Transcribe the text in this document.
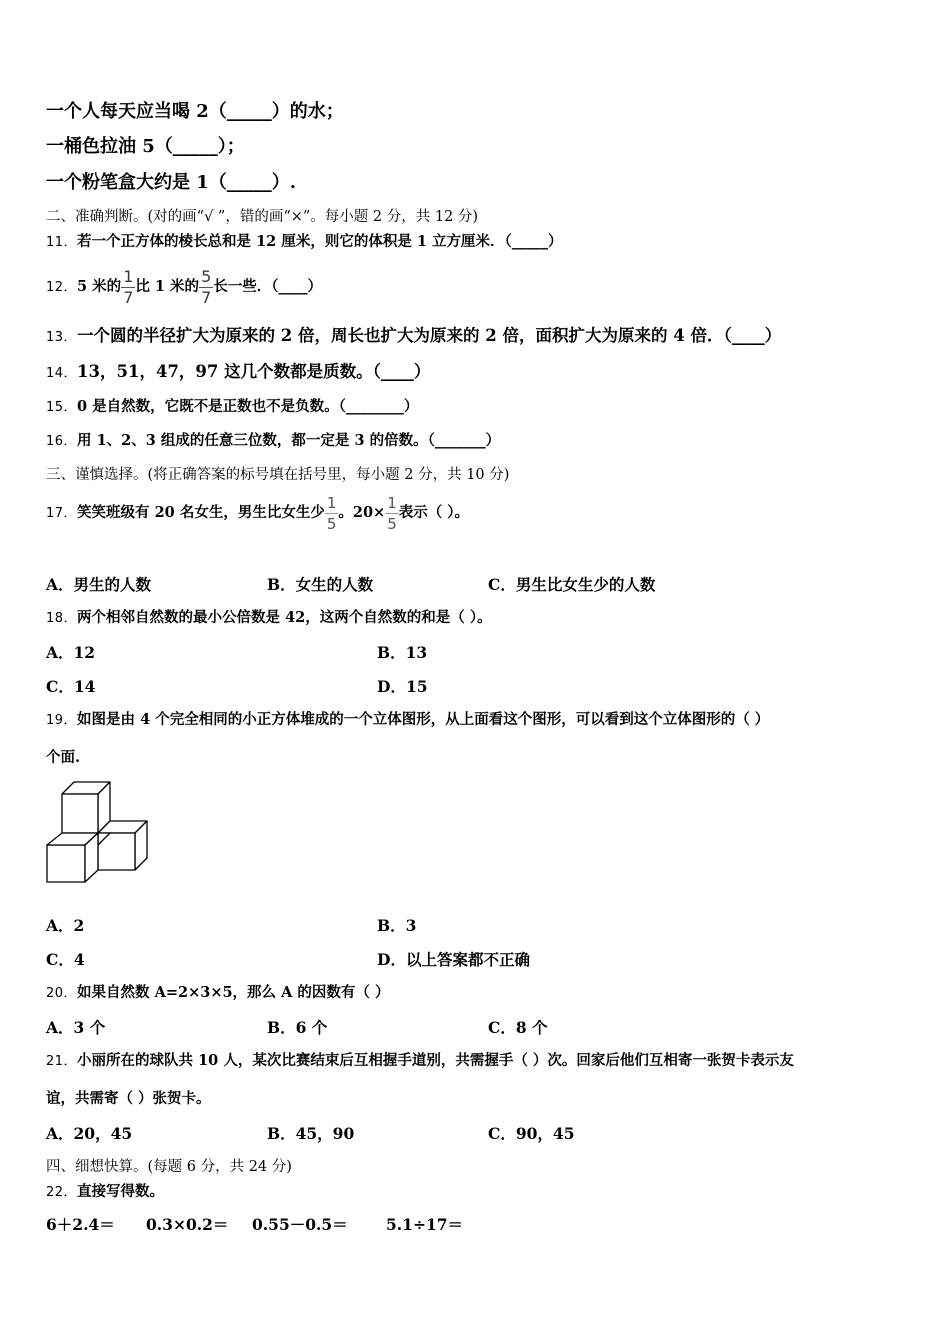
一个人每天应当喝 2（_____）的水；
一桶色拉油 5（_____）；
一个粉笔盒大约是 1（_____）.
二、准确判断。(对的画“√ ”，错的画“×”。每小题 2 分，共 12 分)
11．若一个正方体的棱长总和是 12 厘米，则它的体积是 1 立方厘米．（_____）
12．5 米的 $\frac{1}{7}$ 比 1 米的 $\frac{5}{7}$ 长一些．（____）
13．一个圆的半径扩大为原来的 2 倍，周长也扩大为原来的 2 倍，面积扩大为原来的 4 倍．（____）
14．13，51，47，97 这几个数都是质数。（____）
15．0 是自然数，它既不是正数也不是负数。（________）
16．用 1、2、3 组成的任意三位数，都一定是 3 的倍数。（_______）
三、谨慎选择。(将正确答案的标号填在括号里，每小题 2 分，共 10 分)
17．笑笑班级有 20 名女生，男生比女生少 $\frac{1}{5}$ 。$20\times \frac{1}{5}$ 表示（ ）。
A．男生的人数	B．女生的人数	C．男生比女生少的人数
18．两个相邻自然数的最小公倍数是 42，这两个自然数的和是（ ）。
A．12	B．13
C．14	D．15
19．如图是由 4 个完全相同的小正方体堆成的一个立体图形，从上面看这个图形，可以看到这个立体图形的（ ）
个面.
A．2	B．3
C．4	D．以上答案都不正确
20．如果自然数 A=2×3×5，那么 A 的因数有（ ）
A．3 个	B．6 个	C．8 个
21．小丽所在的球队共 10 人，某次比赛结束后互相握手道别，共需握手（ ）次。回家后他们互相寄一张贺卡表示友
谊，共需寄（ ）张贺卡。
A．20，45	B．45，90	C．90，45
四、细想快算。(每题 6 分，共 24 分)
22．直接写得数。
6＋2.4＝ 0.3×0.2＝ 0.55－0.5＝ 5.1÷17＝
